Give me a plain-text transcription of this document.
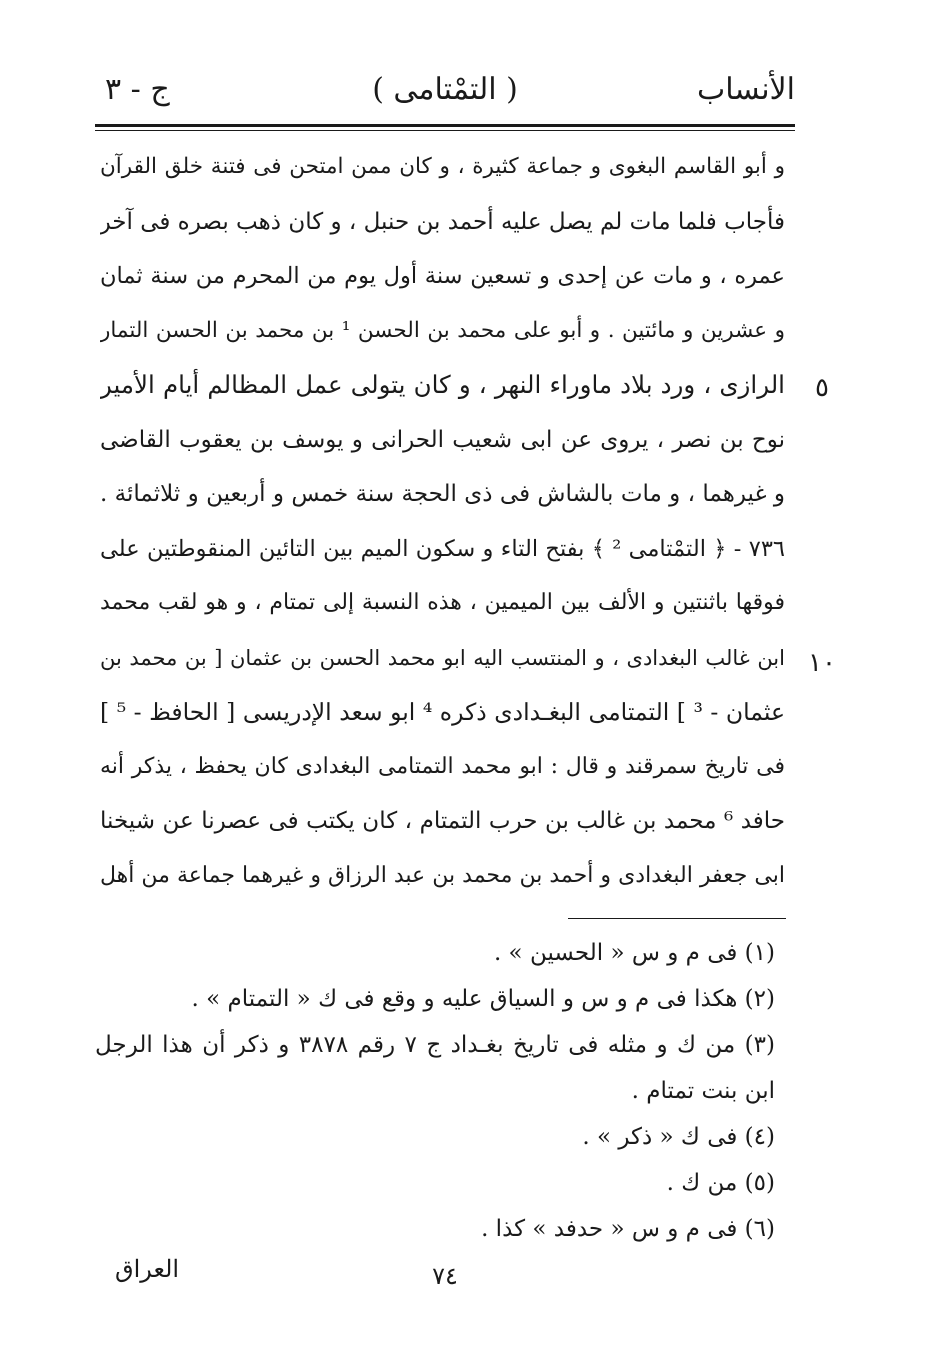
الأنساب
( التمْتامى )
ج - ٣
و أبو القاسم البغوى و جماعة كثيرة ، و كان ممن امتحن فى فتنة خلق القرآن
فأجاب فلما مات لم يصل عليه أحمد بن حنبل ، و كان ذهب بصره فى آخر
عمره ، و مات عن إحدى و تسعين سنة أول يوم من المحرم من سنة ثمان
و عشرين و مائتين . و أبو على محمد بن الحسن ¹ بن محمد بن الحسن التمار
الرازى ، ورد بلاد ماوراء النهر ، و كان يتولى عمل المظالم أيام الأمير
نوح بن نصر ، يروى عن ابى شعيب الحرانى و يوسف بن يعقوب القاضى
و غيرهما ، و مات بالشاش فى ذى الحجة سنة خمس و أربعين و ثلاثمائة .
٧٣٦ - ﴿ التمْتامى ² ﴾ بفتح التاء و سكون الميم بين التائين المنقوطتين على
فوقها باثنتين و الألف بين الميمين ، هذه النسبة إلى تمتام ، و هو لقب محمد
ابن غالب البغدادى ، و المنتسب اليه ابو محمد الحسن بن عثمان [ بن محمد بن
عثمان - ³ ] التمتامى البغـدادى ذكره ⁴ ابو سعد الإدريسى [ الحافظ - ⁵ ]
فى تاريخ سمرقند و قال : ابو محمد التمتامى البغدادى كان يحفظ ، يذكر أنه
حافد ⁶ محمد بن غالب بن حرب التمتام ، كان يكتب فى عصرنا عن شيخنا
ابى جعفر البغدادى و أحمد بن محمد بن عبد الرزاق و غيرهما جماعة من أهل
٥
١٠
(١) فى م و س « الحسين » .
(٢) هكذا فى م و س و السياق عليه و وقع فى ك « التمتام » .
(٣) من ك و مثله فى تاريخ بغـداد ج ٧ رقم ٣٨٧٨ و ذكر أن هذا الرجل
ابن بنت تمتام .
(٤) فى ك « ذكر » .
(٥) من ك .
(٦) فى م و س « حدفد » كذا .
٧٤
العراق
